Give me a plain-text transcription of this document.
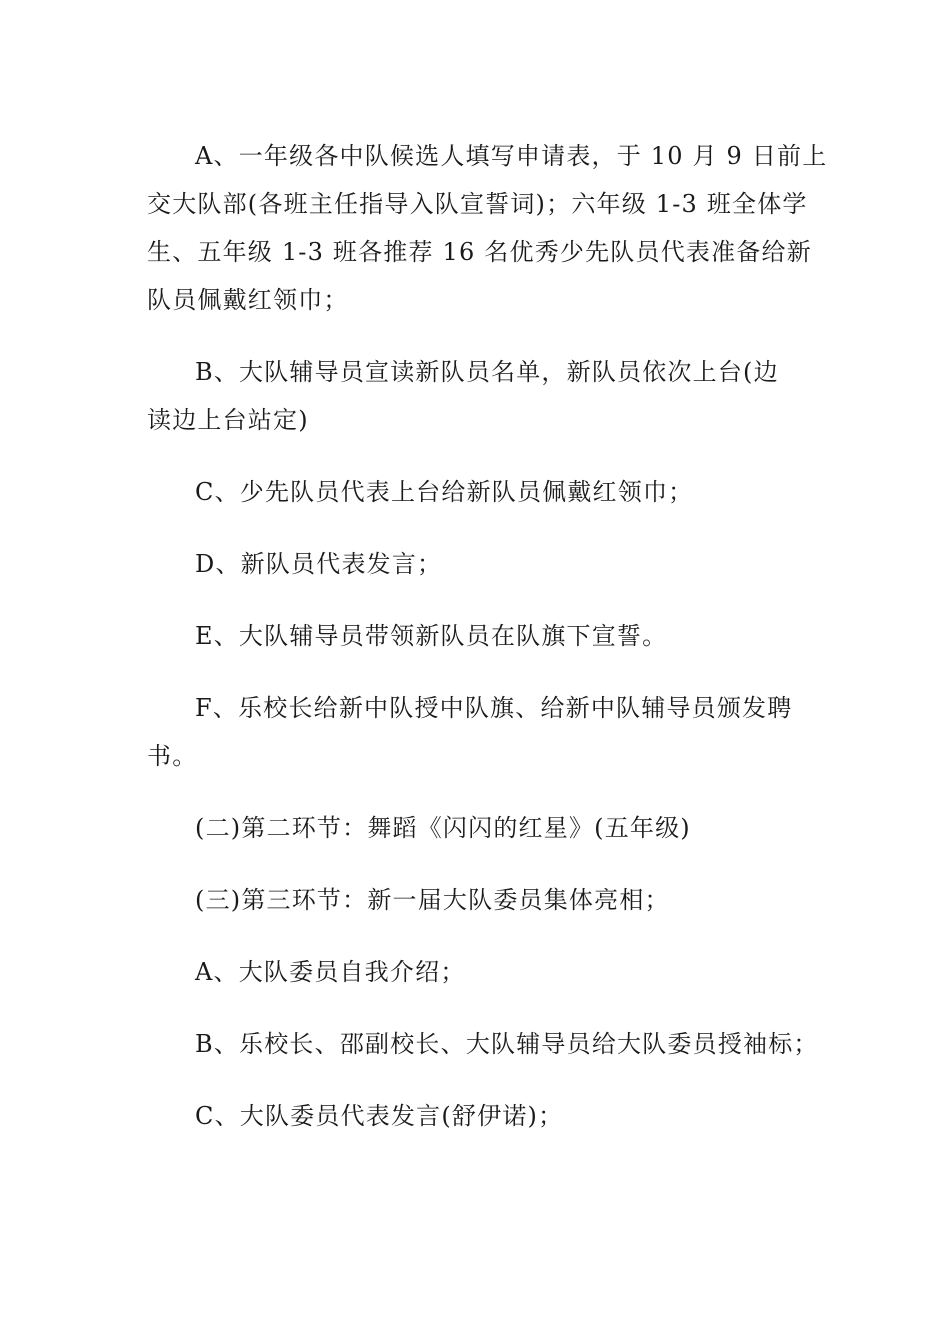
A、一年级各中队候选人填写申请表，于 10 月 9 日前上
交大队部(各班主任指导入队宣誓词)；六年级 1-3 班全体学
生、五年级 1-3 班各推荐 16 名优秀少先队员代表准备给新
队员佩戴红领巾；

B、大队辅导员宣读新队员名单，新队员依次上台(边
读边上台站定)

C、少先队员代表上台给新队员佩戴红领巾；

D、新队员代表发言；

E、大队辅导员带领新队员在队旗下宣誓。

F、乐校长给新中队授中队旗、给新中队辅导员颁发聘
书。

(二)第二环节：舞蹈《闪闪的红星》(五年级)

(三)第三环节：新一届大队委员集体亮相；

A、大队委员自我介绍；

B、乐校长、邵副校长、大队辅导员给大队委员授袖标；

C、大队委员代表发言(舒伊诺)；
